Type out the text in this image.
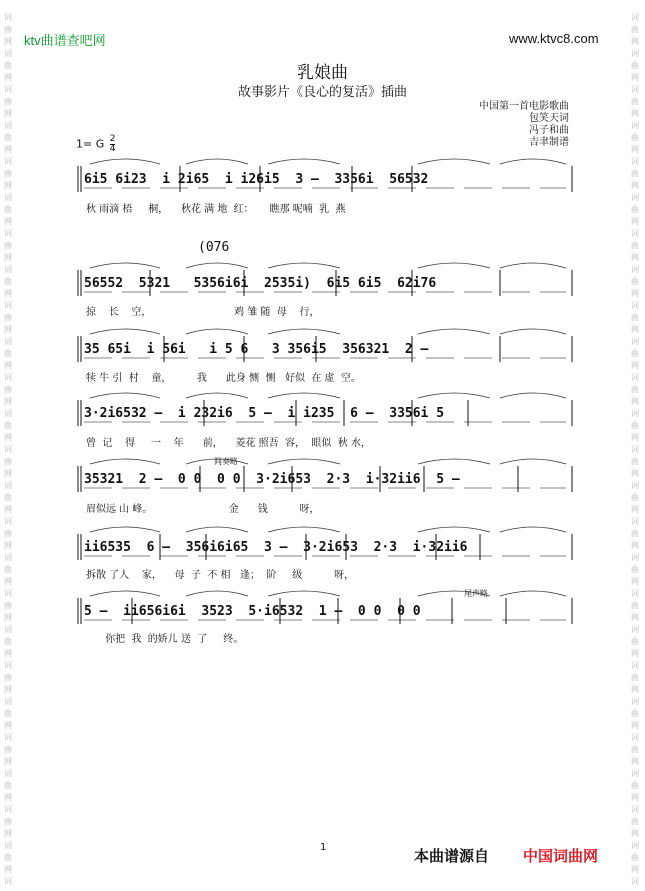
词
曲
网
词
曲
网
词
曲
网
词
曲
网
词
曲
网
词
曲
网
词
曲
网
词
曲
网
词
曲
网
词
曲
网
词
曲
网
词
曲
网
词
曲
网
词
曲
网
词
曲
网
词
曲
网
词
曲
网
词
曲
网
词
曲
网
词
曲
网
词
曲
网
词
曲
网
词
曲
网
词
曲
网
词
词
曲
网
词
曲
网
词
曲
网
词
曲
网
词
曲
网
词
曲
网
词
曲
网
词
曲
网
词
曲
网
词
曲
网
词
曲
网
词
曲
网
词
曲
网
词
曲
网
词
曲
网
词
曲
网
词
曲
网
词
曲
网
词
曲
网
词
曲
网
词
曲
网
词
曲
网
词
曲
网
词
曲
网
词
ktv曲谱查吧网	www.ktvc8.com
乳娘曲
故事影片《良心的复活》插曲
中国第一首电影歌曲
包笑天词
冯子和曲
吉聿制谱
1= G $\frac{2}{4}$
6i5 6i23  i 2i65  i i26i5  3 —  3356i  56532
秋 雨滴 梧     桐，    秋花 满 地  红：     瞧那 呢喃  乳  燕
(076
56552  5321   5356i6i  2535i)  6i5 6i5  62i76
掠    长    空，                          鸡 雏 随  母    行，
35 65i  i 56i   i 5 6   3 356i5  356321  2 —
犊 牛 引  村    童，        我      此身 恻  恻   好似  在 虚  空。
3·2i6532 —  i 232i6  5 —  i i235  6 —  3356i 5
曾  记    得     一    年      前，    菱花 照吾  容，  眼似  秋 水，
间奏略
35321  2 —  0 0  0 0  3·2i653  2·3  i·32ii6  5 —
眉似远 山 峰。                        金      钱          呀，
ii6535  6 —  356i6i65  3 —  3·2i653  2·3  i·32ii6
拆散 了人    家，    母  子  不 相   逢；  阶     级          呀，
尾声略
5 —  ii656i6i  3523  5·i6532  1 —  0 0  0 0
你把  我  的娇儿 送  了     终。
1	本曲谱源自 中国词曲网
